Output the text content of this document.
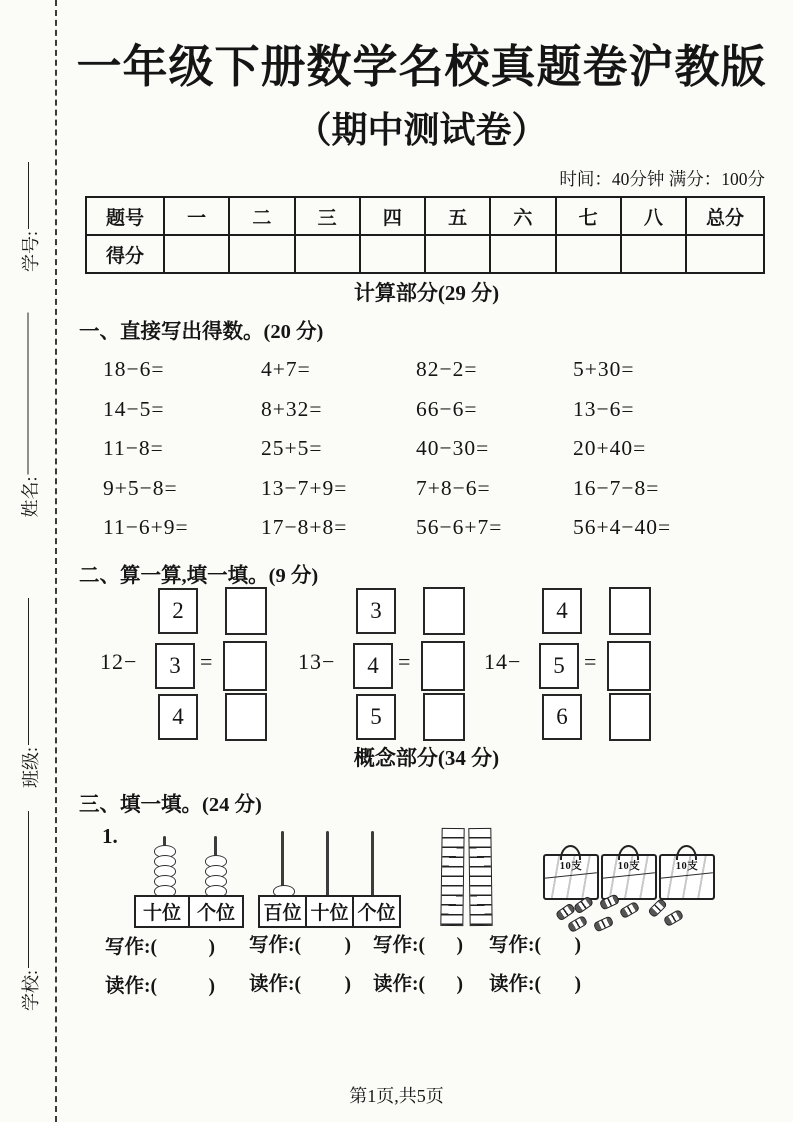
学号:
姓名:
班级:
学校:
一年级下册数学名校真题卷沪教版
（期中测试卷）
时间：40分钟 满分：100分
题号	一	二	三	四	五	六	七	八	总分
得分									
计算部分(29 分)
一、直接写出得数。(20 分)
18−6=	4+7=	82−2=	5+30=
14−5=	8+32=	66−6=	13−6=
11−8=	25+5=	40−30=	20+40=
9+5−8=	13−7+9=	7+8−6=	16−7−8=
11−6+9=	17−8+8=	56−6+7=	56+4−40=
二、算一算,填一填。(9 分)
2
12− 3 =
4
3
13− 4 =
5
4
14− 5 =
6
概念部分(34 分)
三、填一填。(24 分)
1.
十位 个位	百位 十位 个位
10支	10支	10支
写作:(	) 写作:( ) 写作:( ) 写作:( )
读作:(	) 读作:( ) 读作:( ) 读作:( )
第1页,共5页
